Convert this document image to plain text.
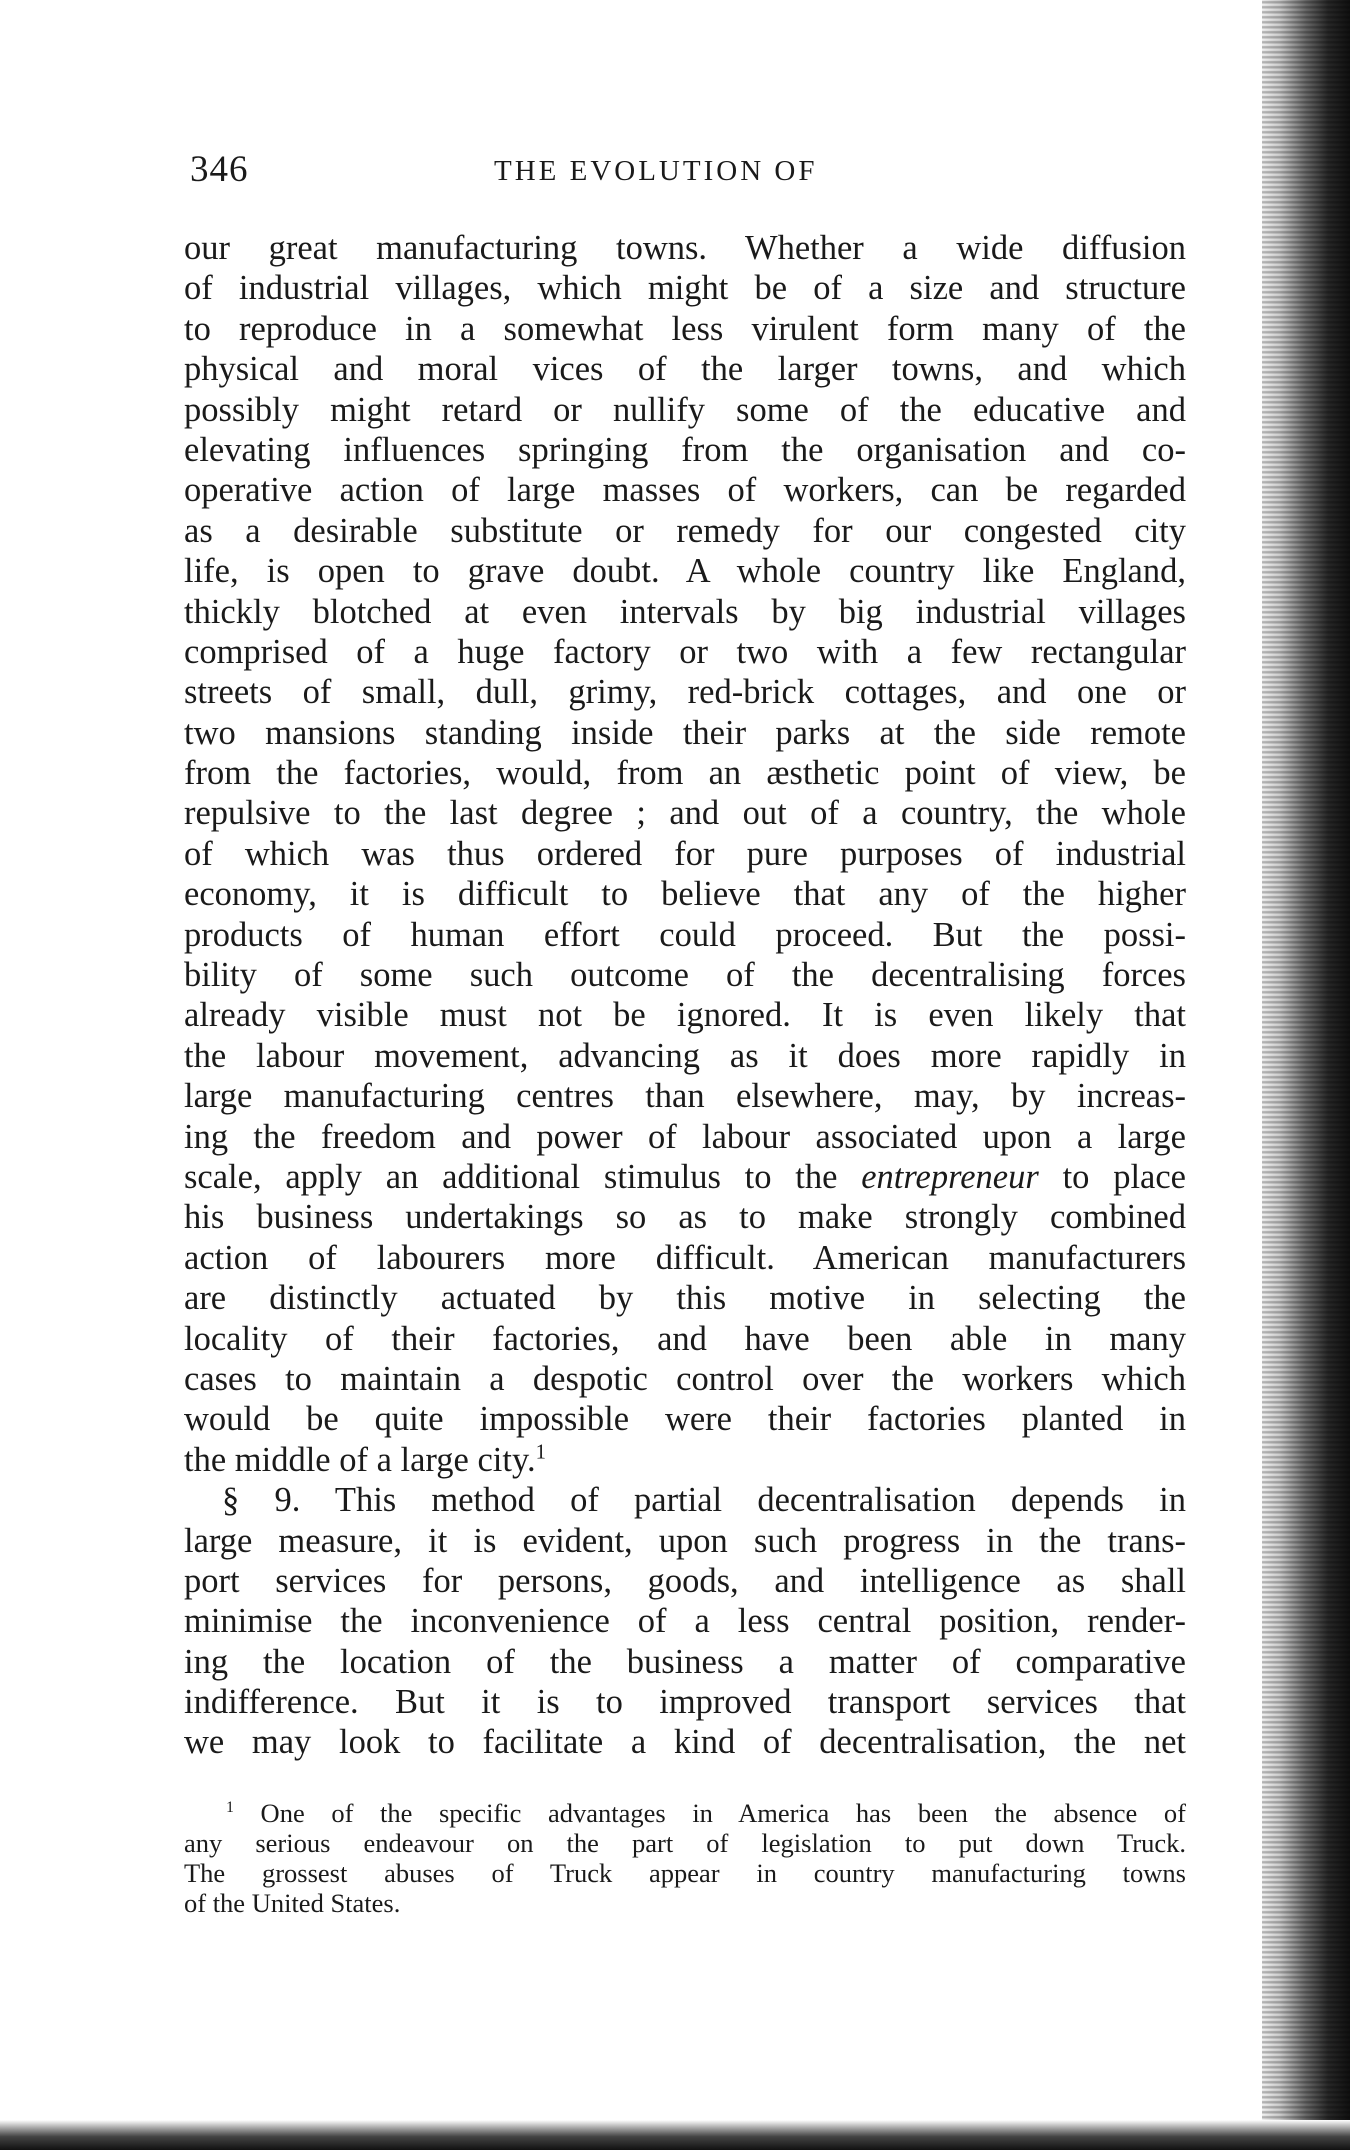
346	THE EVOLUTION OF
our great manufacturing towns. Whether a wide diffusion
of industrial villages, which might be of a size and structure
to reproduce in a somewhat less virulent form many of the
physical and moral vices of the larger towns, and which
possibly might retard or nullify some of the educative and
elevating influences springing from the organisation and co-
operative action of large masses of workers, can be regarded
as a desirable substitute or remedy for our congested city
life, is open to grave doubt. A whole country like England,
thickly blotched at even intervals by big industrial villages
comprised of a huge factory or two with a few rectangular
streets of small, dull, grimy, red-brick cottages, and one or
two mansions standing inside their parks at the side remote
from the factories, would, from an æsthetic point of view, be
repulsive to the last degree ; and out of a country, the whole
of which was thus ordered for pure purposes of industrial
economy, it is difficult to believe that any of the higher
products of human effort could proceed. But the possi-
bility of some such outcome of the decentralising forces
already visible must not be ignored. It is even likely that
the labour movement, advancing as it does more rapidly in
large manufacturing centres than elsewhere, may, by increas-
ing the freedom and power of labour associated upon a large
scale, apply an additional stimulus to the entrepreneur to place
his business undertakings so as to make strongly combined
action of labourers more difficult. American manufacturers
are distinctly actuated by this motive in selecting the
locality of their factories, and have been able in many
cases to maintain a despotic control over the workers which
would be quite impossible were their factories planted in
the middle of a large city.$^1$
§ 9. This method of partial decentralisation depends in
large measure, it is evident, upon such progress in the trans-
port services for persons, goods, and intelligence as shall
minimise the inconvenience of a less central position, render-
ing the location of the business a matter of comparative
indifference. But it is to improved transport services that
we may look to facilitate a kind of decentralisation, the net
$^1$ One of the specific advantages in America has been the absence of
any serious endeavour on the part of legislation to put down Truck.
The grossest abuses of Truck appear in country manufacturing towns
of the United States.
